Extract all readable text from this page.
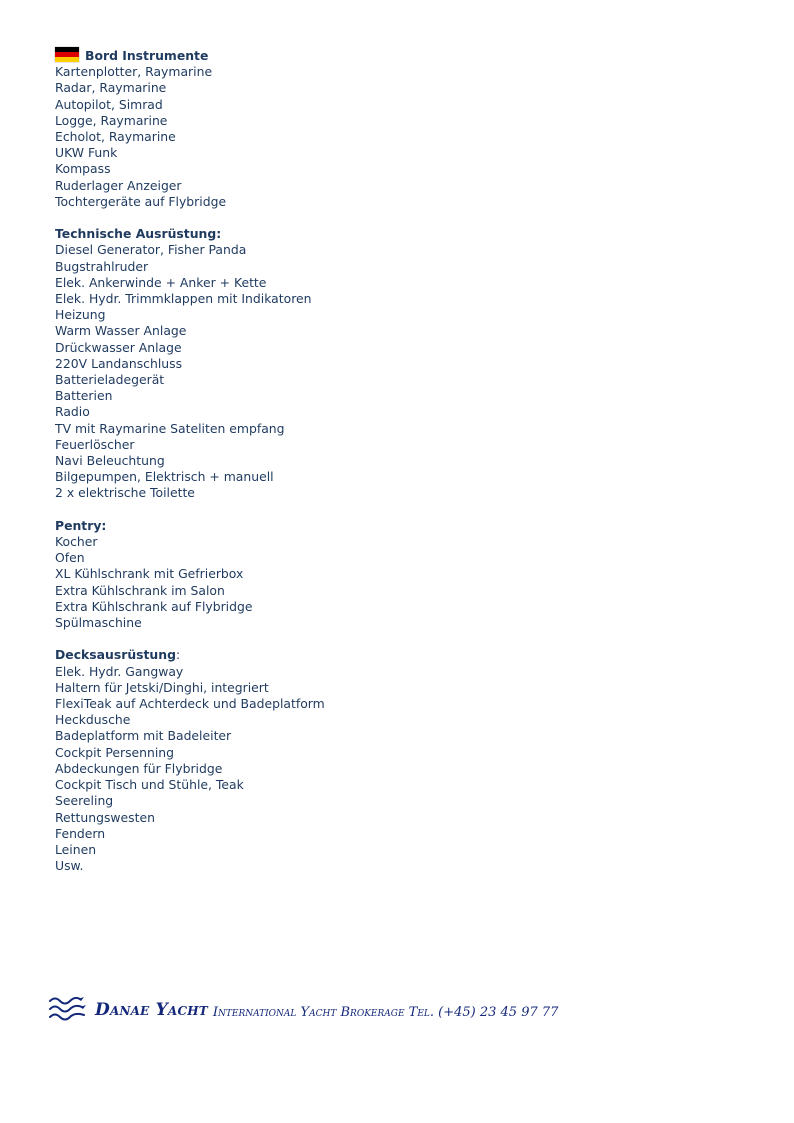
Bord Instrumente
Kartenplotter, Raymarine
Radar, Raymarine
Autopilot, Simrad
Logge, Raymarine
Echolot, Raymarine
UKW Funk
Kompass
Ruderlager Anzeiger
Tochtergeräte auf Flybridge
Technische Ausrüstung:
Diesel Generator, Fisher Panda
Bugstrahlruder
Elek. Ankerwinde + Anker + Kette
Elek. Hydr. Trimmklappen mit Indikatoren
Heizung
Warm Wasser Anlage
Drückwasser Anlage
220V Landanschluss
Batterieladegerät
Batterien
Radio
TV mit Raymarine Sateliten empfang
Feuerlöscher
Navi Beleuchtung
Bilgepumpen, Elektrisch + manuell
2 x elektrische Toilette
Pentry:
Kocher
Ofen
XL Kühlschrank mit Gefrierbox
Extra Kühlschrank im Salon
Extra Kühlschrank auf Flybridge
Spülmaschine
Decksausrüstung :
Elek. Hydr. Gangway
Haltern für Jetski/Dinghi, integriert
FlexiTeak auf Achterdeck und Badeplatform
Heckdusche
Badeplatform mit Badeleiter
Cockpit Persenning
Abdeckungen für Flybridge
Cockpit Tisch und Stühle, Teak
Seereling
Rettungswesten
Fendern
Leinen
Usw.
Danae Yacht International Yacht Brokerage Tel. (+45) 23 45 97 77
